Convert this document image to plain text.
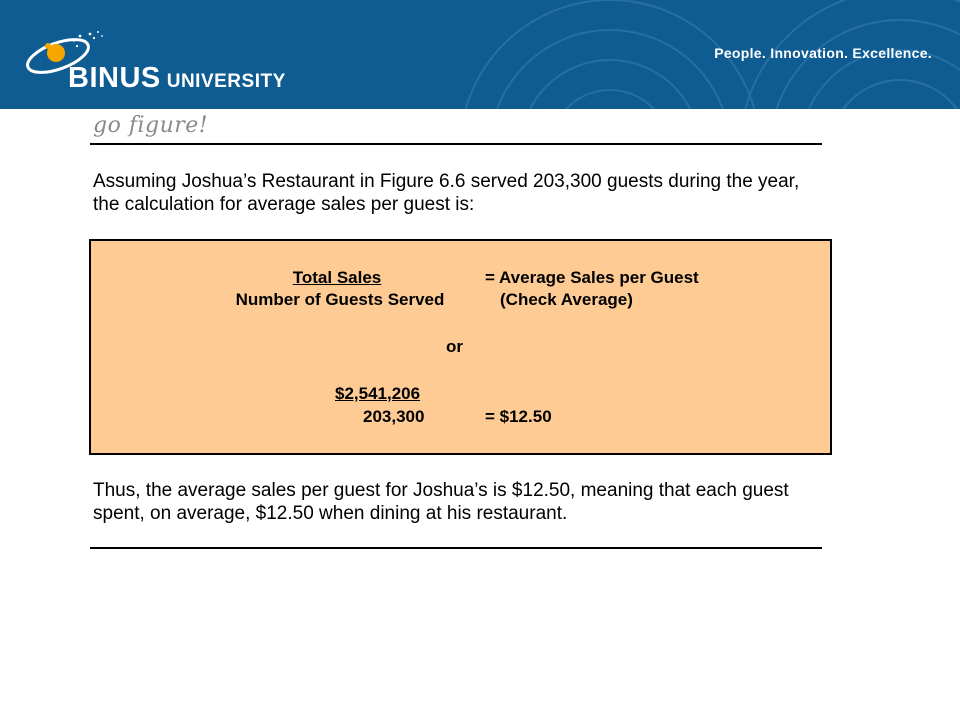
BINUS UNIVERSITY
People. Innovation. Excellence.
go figure!
Assuming Joshua’s Restaurant in Figure 6.6 served 203,300 guests during the year, the calculation for average sales per guest is:
Total Sales
Number of Guests Served
= Average Sales per Guest
(Check Average)
or
$2,541,206
203,300	= $12.50
Thus, the average sales per guest for Joshua’s is $12.50, meaning that each guest spent, on average, $12.50 when dining at his restaurant.
